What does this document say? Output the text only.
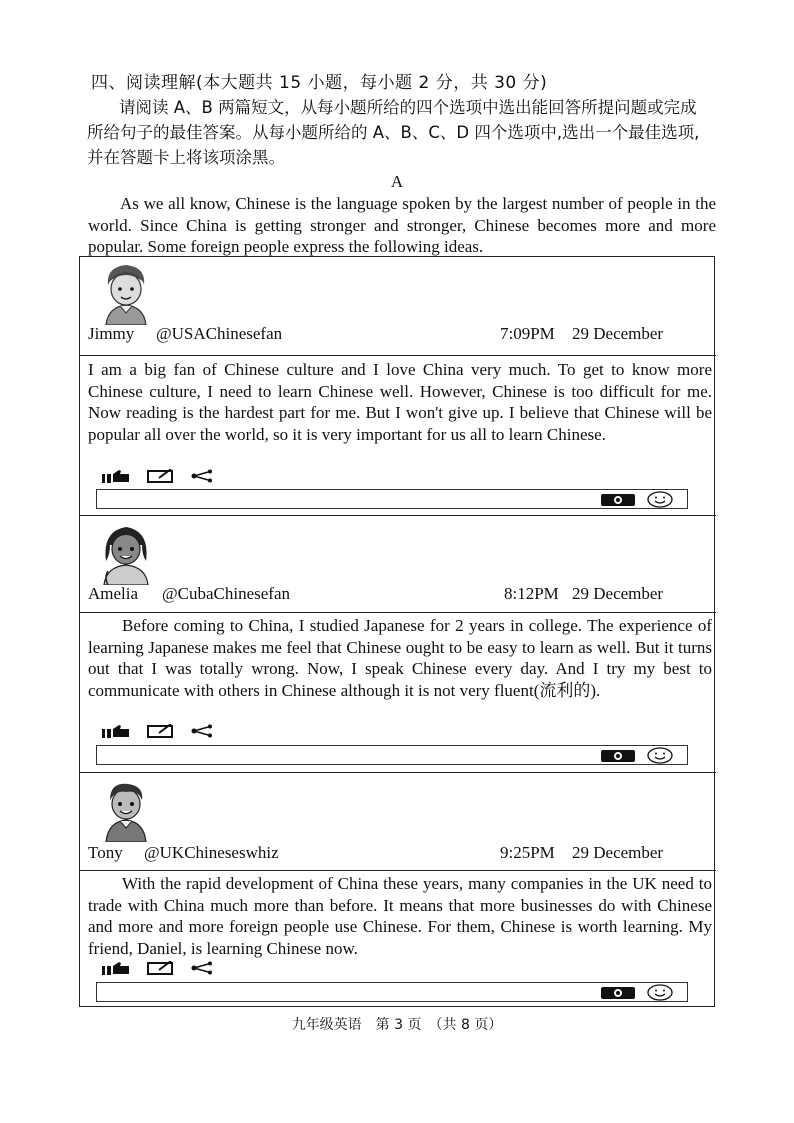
四、阅读理解(本大题共 15 小题，每小题 2 分，共 30 分)
请阅读 A、B 两篇短文，从每小题所给的四个选项中选出能回答所提问题或完成所给句子的最佳答案。从每小题所给的 A、B、C、D 四个选项中,选出一个最佳选项,并在答题卡上将该项涂黑。
A

As we all know, Chinese is the language spoken by the largest number of people in the world. Since China is getting stronger and stronger, Chinese becomes more and more popular. Some foreign people express the following ideas.

Jimmy @USAChinesefan	7:09PM 29 December

I am a big fan of Chinese culture and I love China very much. To get to know more Chinese culture, I need to learn Chinese well. However, Chinese is too difficult for me. Now reading is the hardest part for me. But I won't give up. I believe that Chinese will be popular all over the world, so it is very important for us all to learn Chinese.

Amelia @CubaChinesefan	8:12PM 29 December

Before coming to China, I studied Japanese for 2 years in college. The experience of learning Japanese makes me feel that Chinese ought to be easy to learn as well. But it turns out that I was totally wrong. Now, I speak Chinese every day. And I try my best to communicate with others in Chinese although it is not very fluent(流利的).

Tony @UKChineseswhiz	9:25PM 29 December

With the rapid development of China these years, many companies in the UK need to trade with China much more than before. It means that more businesses do with Chinese and more and more foreign people use Chinese. For them, Chinese is worth learning. My friend, Daniel, is learning Chinese now.

九年级英语　第 3 页　（共 8 页）
